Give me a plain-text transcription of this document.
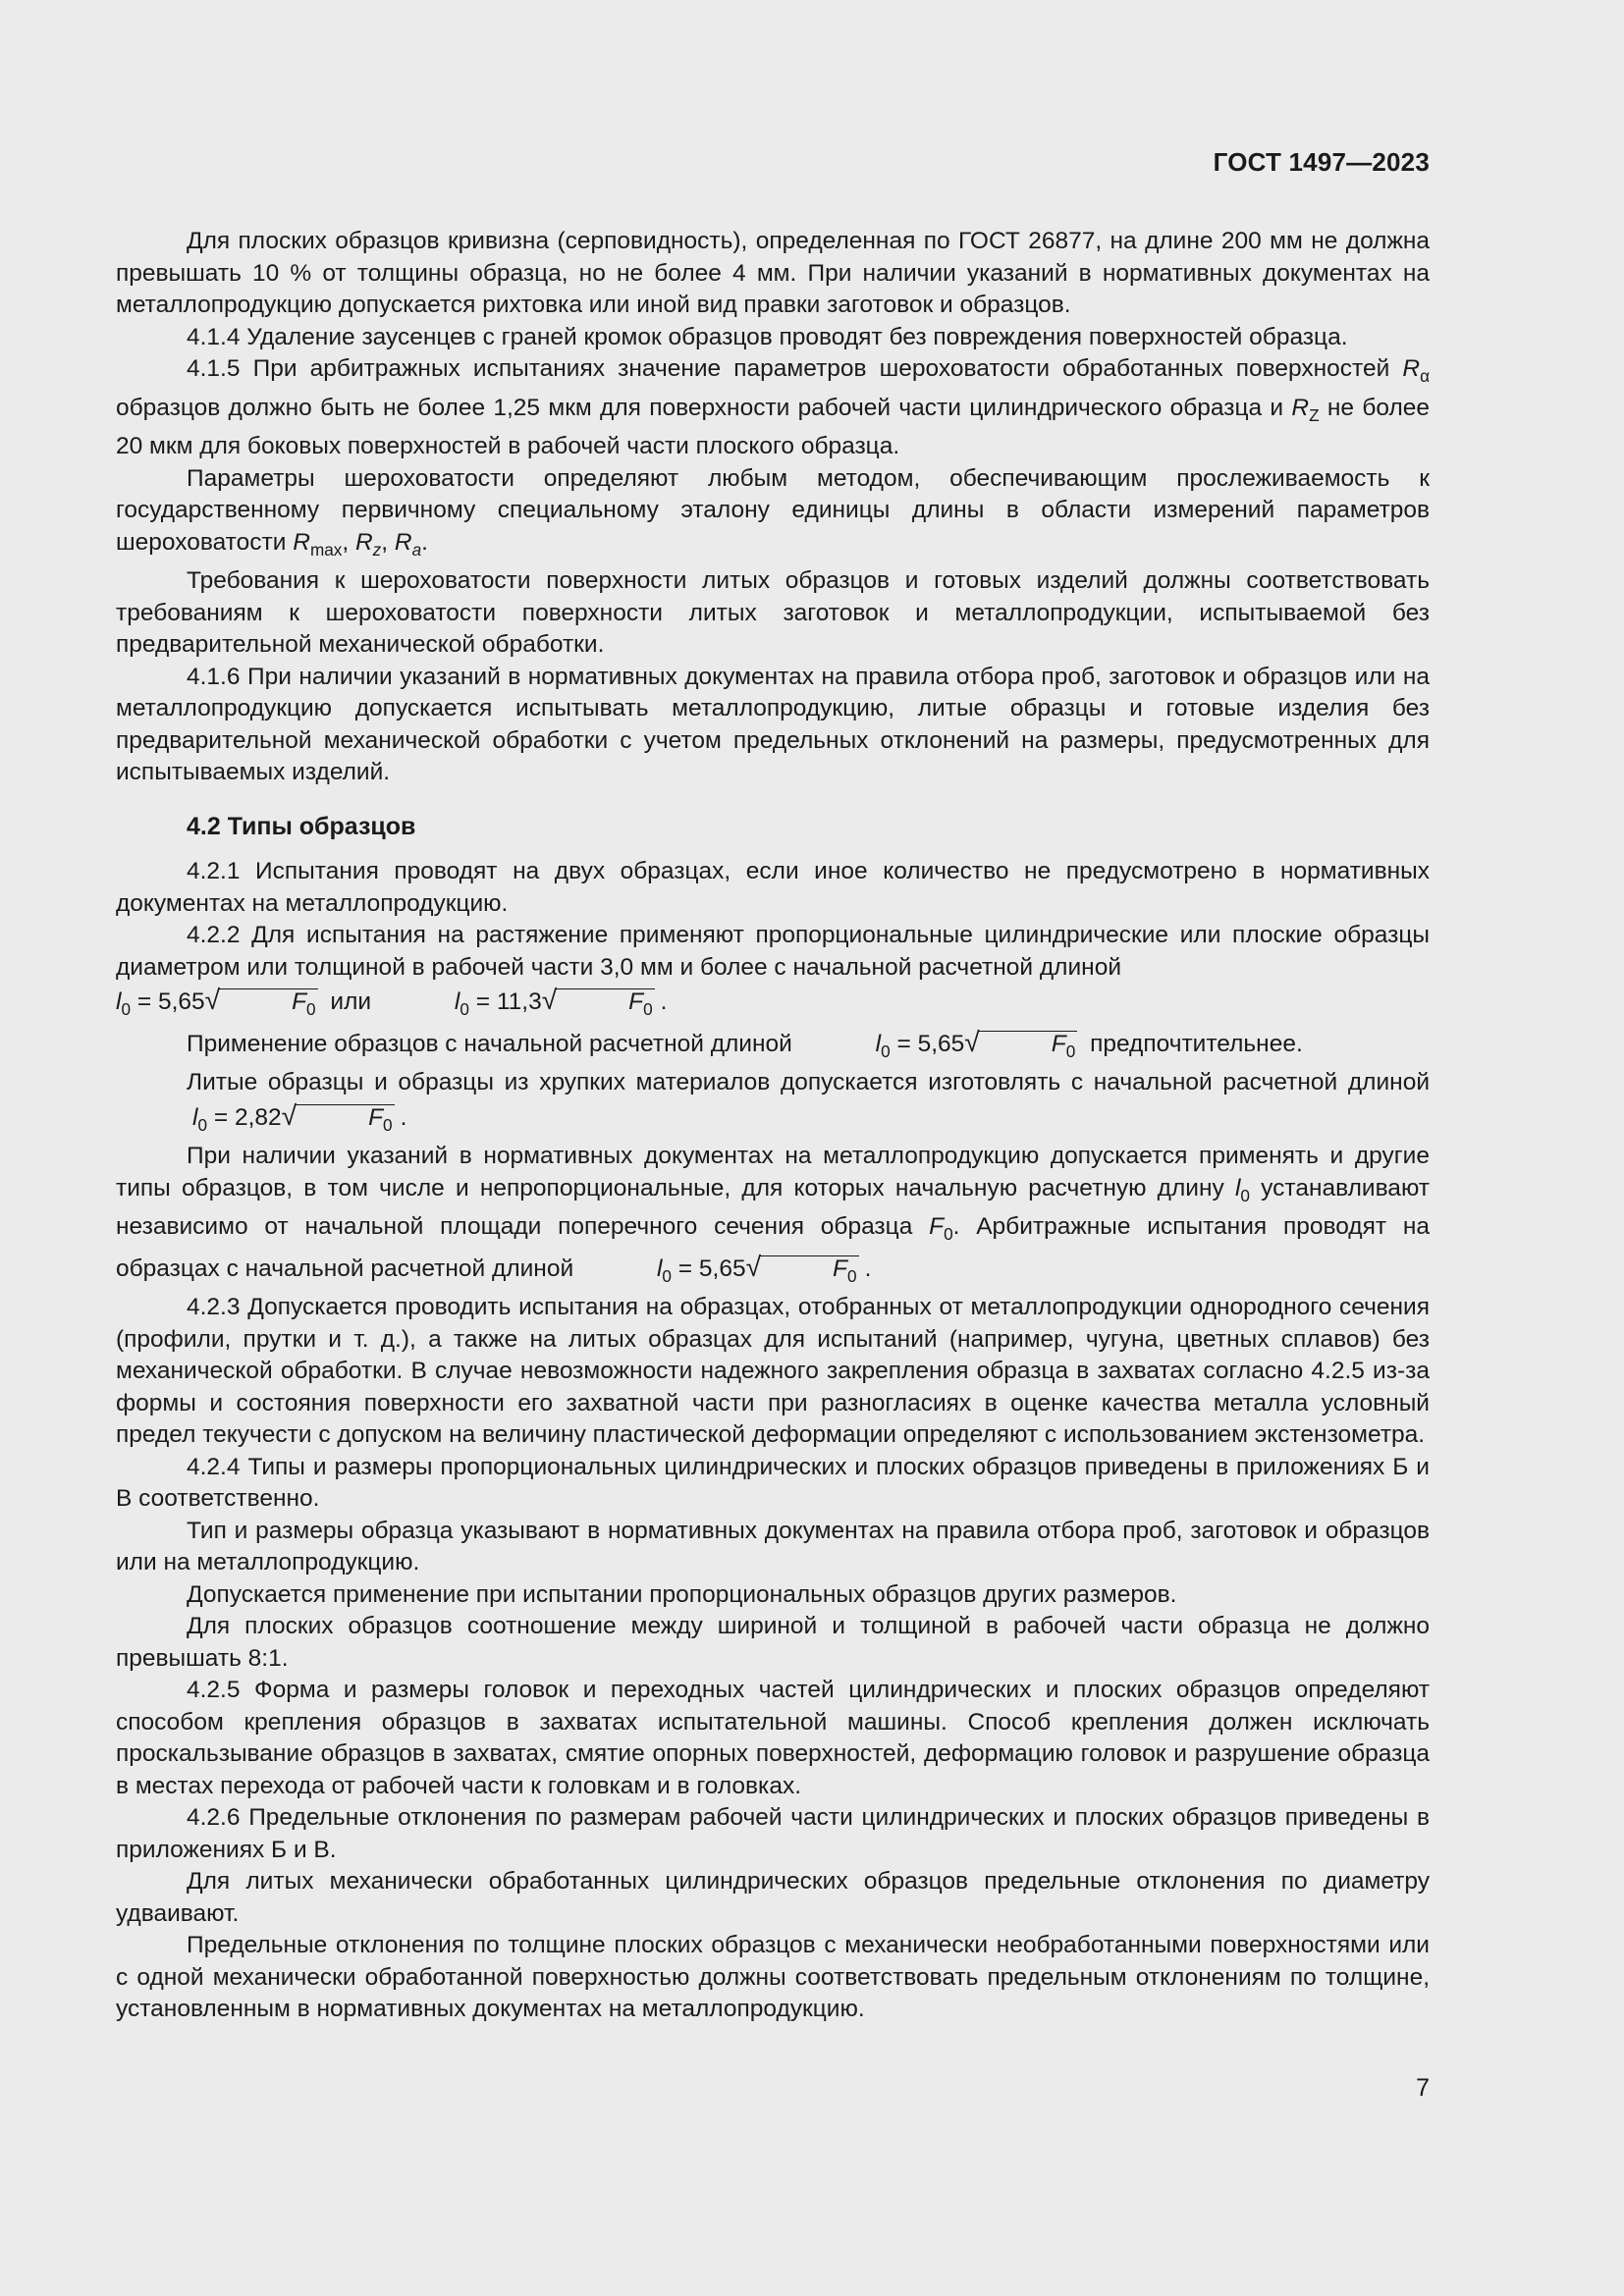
ГОСТ 1497—2023

Для плоских образцов кривизна (серповидность), определенная по ГОСТ 26877, на длине 200 мм не должна превышать 10 % от толщины образца, но не более 4 мм. При наличии указаний в нормативных документах на металлопродукцию допускается рихтовка или иной вид правки заготовок и образцов.

4.1.4 Удаление заусенцев с граней кромок образцов проводят без повреждения поверхностей образца.

4.1.5 При арбитражных испытаниях значение параметров шероховатости обработанных поверхностей $R_\alpha$ образцов должно быть не более 1,25 мкм для поверхности рабочей части цилиндрического образца и $R_Z$ не более 20 мкм для боковых поверхностей в рабочей части плоского образца.

Параметры шероховатости определяют любым методом, обеспечивающим прослеживаемость к государственному первичному специальному эталону единицы длины в области измерений параметров шероховатости $R_{max}$, $R_z$, $R_a$.

Требования к шероховатости поверхности литых образцов и готовых изделий должны соответствовать требованиям к шероховатости поверхности литых заготовок и металлопродукции, испытываемой без предварительной механической обработки.

4.1.6 При наличии указаний в нормативных документах на правила отбора проб, заготовок и образцов или на металлопродукцию допускается испытывать металлопродукцию, литые образцы и готовые изделия без предварительной механической обработки с учетом предельных отклонений на размеры, предусмотренных для испытываемых изделий.

4.2 Типы образцов

4.2.1 Испытания проводят на двух образцах, если иное количество не предусмотрено в нормативных документах на металлопродукцию.

4.2.2 Для испытания на растяжение применяют пропорциональные цилиндрические или плоские образцы диаметром или толщиной в рабочей части 3,0 мм и более с начальной расчетной длиной
$l_0 = 5,65√$	$F_0$ или	$l_0 = 11,3√$	$F_0$ .

Применение образцов с начальной расчетной длиной	$l_0 = 5,65√$	$F_0$ предпочтительнее.

Литые образцы и образцы из хрупких материалов допускается изготовлять с начальной расчетной длиной $l_0 = 2,82√$	$F_0$ .

При наличии указаний в нормативных документах на металлопродукцию допускается применять и другие типы образцов, в том числе и непропорциональные, для которых начальную расчетную длину $l_0$ устанавливают независимо от начальной площади поперечного сечения образца $F_0$. Арбитражные испытания проводят на образцах с начальной расчетной длиной	$l_0 = 5,65√$	$F_0$ .

4.2.3 Допускается проводить испытания на образцах, отобранных от металлопродукции однородного сечения (профили, прутки и т. д.), а также на литых образцах для испытаний (например, чугуна, цветных сплавов) без механической обработки. В случае невозможности надежного закрепления образца в захватах согласно 4.2.5 из-за формы и состояния поверхности его захватной части при разногласиях в оценке качества металла условный предел текучести с допуском на величину пластической деформации определяют с использованием экстензометра.

4.2.4 Типы и размеры пропорциональных цилиндрических и плоских образцов приведены в приложениях Б и В соответственно.

Тип и размеры образца указывают в нормативных документах на правила отбора проб, заготовок и образцов или на металлопродукцию.

Допускается применение при испытании пропорциональных образцов других размеров.

Для плоских образцов соотношение между шириной и толщиной в рабочей части образца не должно превышать 8:1.

4.2.5 Форма и размеры головок и переходных частей цилиндрических и плоских образцов определяют способом крепления образцов в захватах испытательной машины. Способ крепления должен исключать проскальзывание образцов в захватах, смятие опорных поверхностей, деформацию головок и разрушение образца в местах перехода от рабочей части к головкам и в головках.

4.2.6 Предельные отклонения по размерам рабочей части цилиндрических и плоских образцов приведены в приложениях Б и В.

Для литых механически обработанных цилиндрических образцов предельные отклонения по диаметру удваивают.

Предельные отклонения по толщине плоских образцов с механически необработанными поверхностями или с одной механически обработанной поверхностью должны соответствовать предельным отклонениям по толщине, установленным в нормативных документах на металлопродукцию.

7
